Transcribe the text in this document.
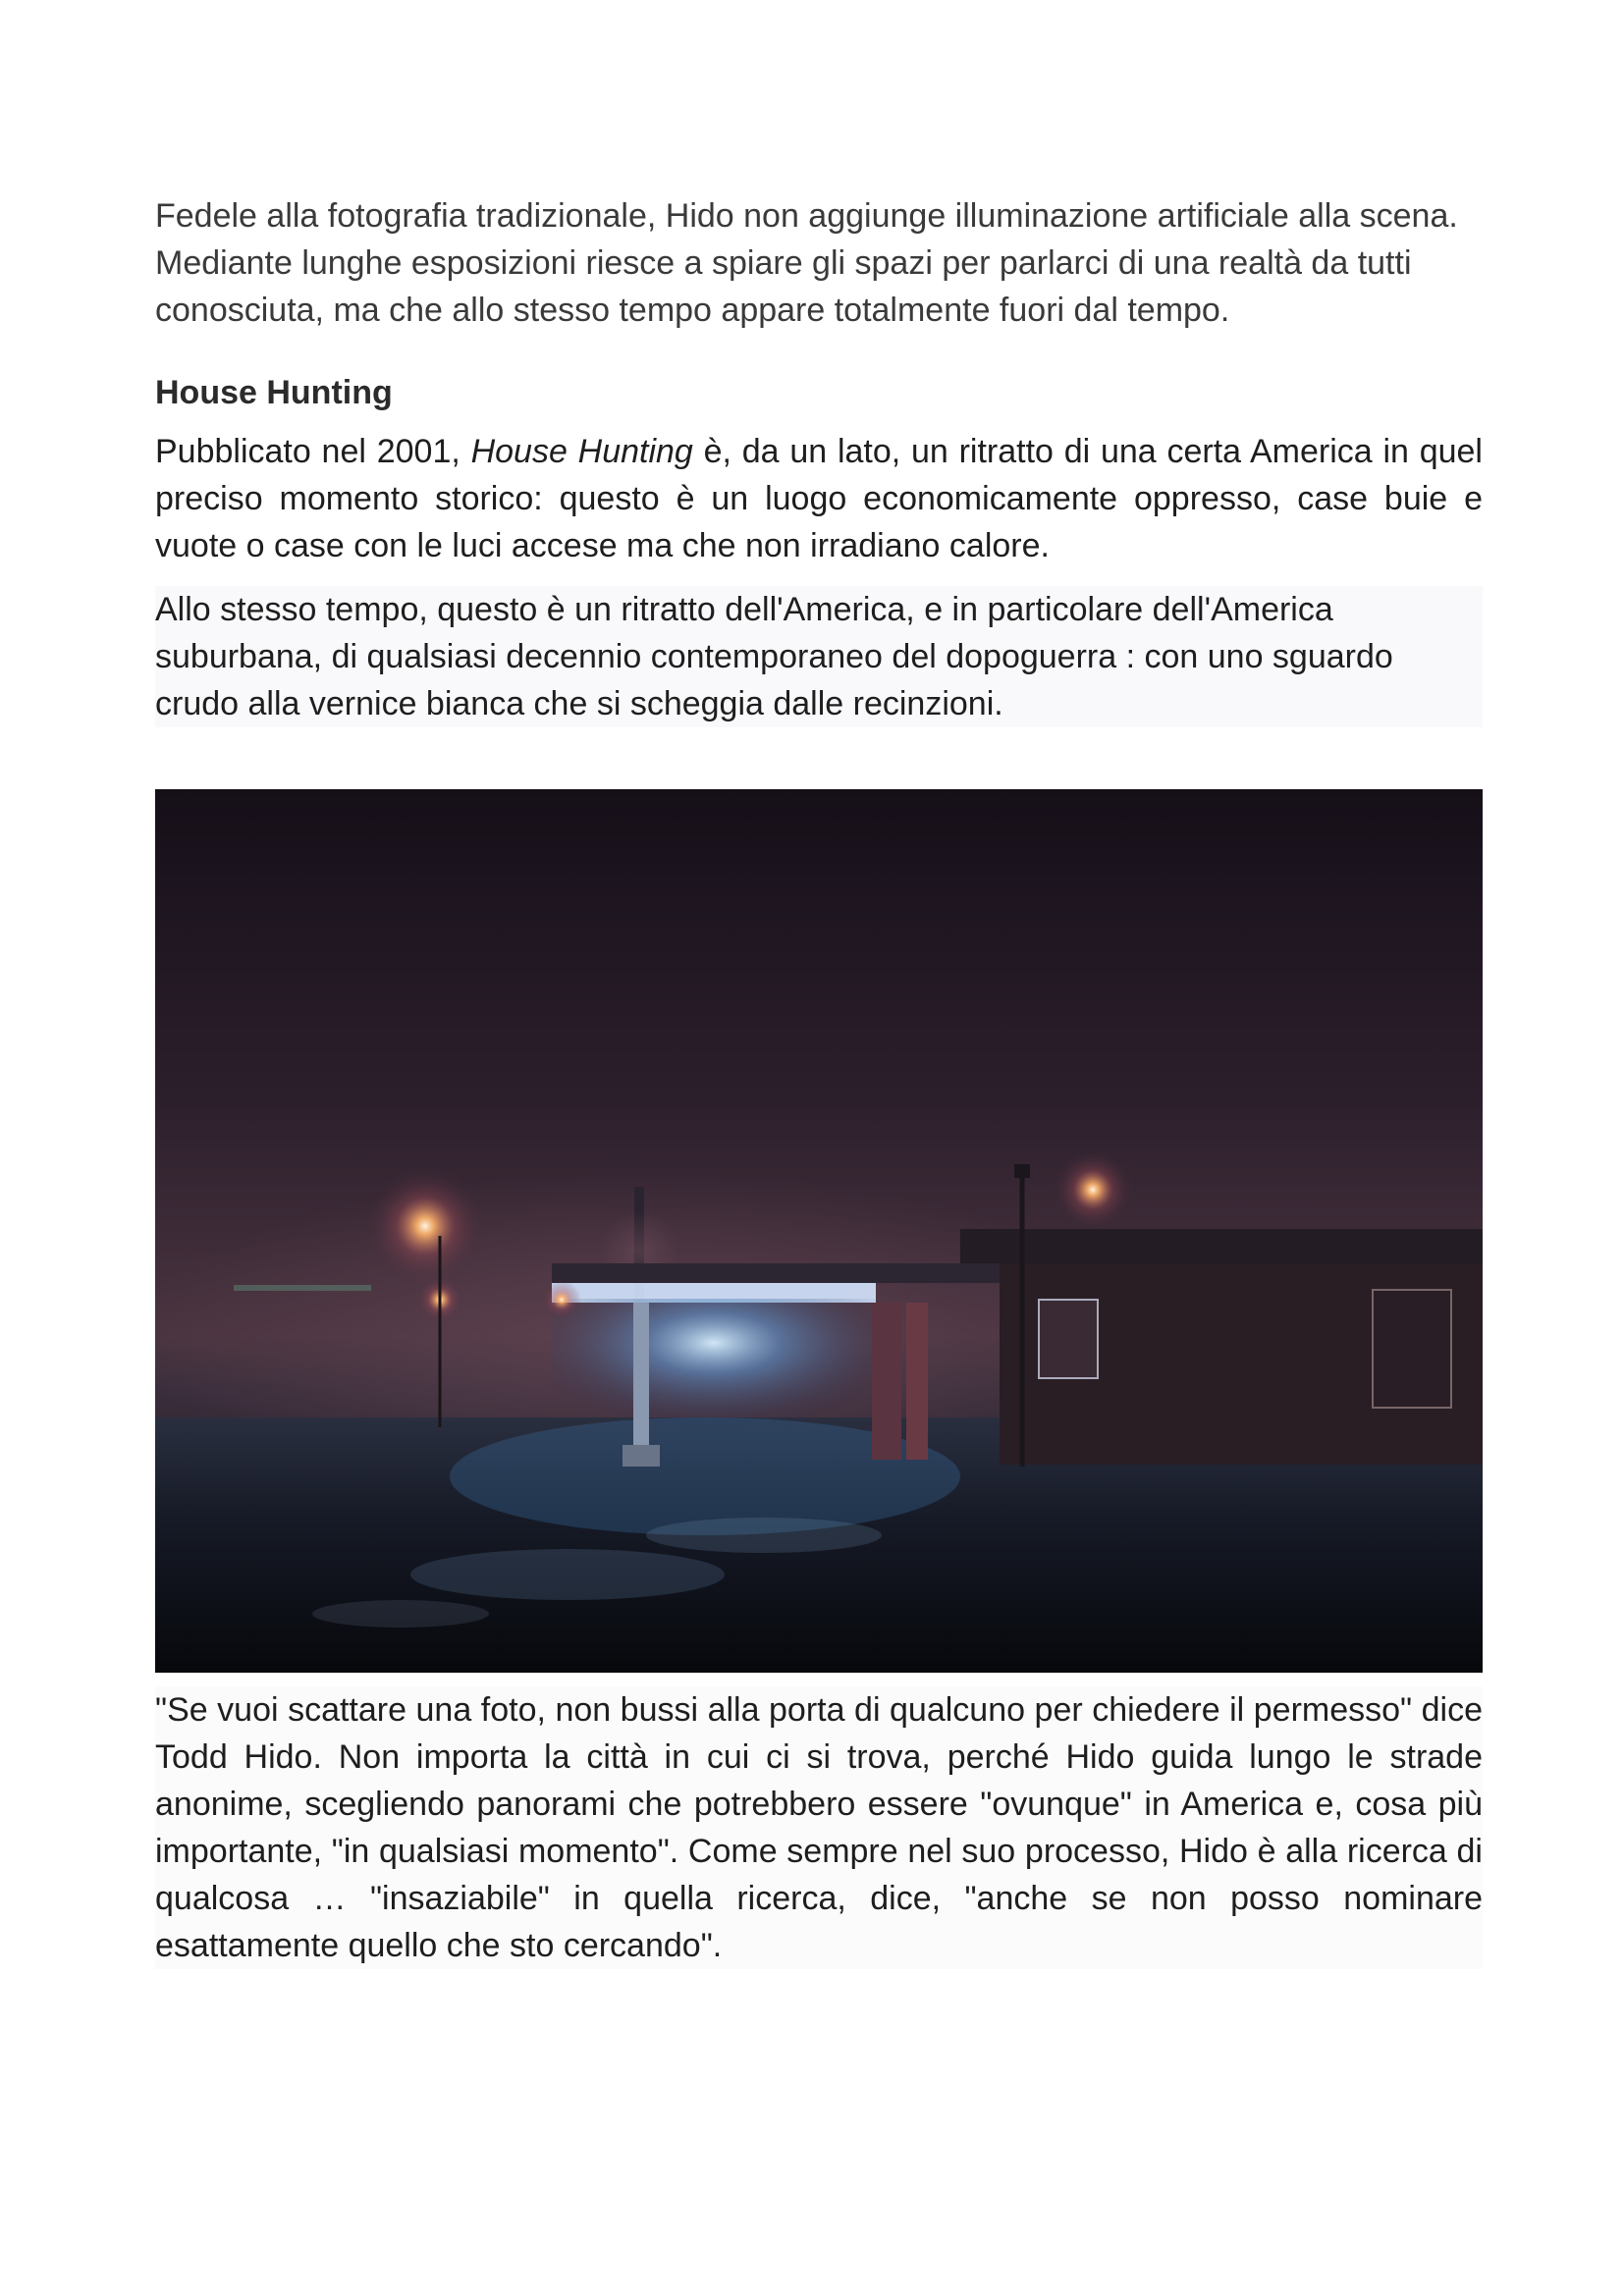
Fedele alla fotografia tradizionale, Hido non aggiunge illuminazione artificiale alla scena. Mediante lunghe esposizioni riesce a spiare gli spazi per parlarci di una realtà da tutti conosciuta, ma che allo stesso tempo appare totalmente fuori dal tempo.
House Hunting
Pubblicato nel 2001, House Hunting è, da un lato, un ritratto di una certa America in quel preciso momento storico: questo è un luogo economicamente oppresso, case buie e vuote o case con le luci accese ma che non irradiano calore.
Allo stesso tempo, questo è un ritratto dell'America, e in particolare dell'America suburbana, di qualsiasi decennio contemporaneo del dopoguerra : con uno sguardo crudo alla vernice bianca che si scheggia dalle recinzioni.
"Se vuoi scattare una foto, non bussi alla porta di qualcuno per chiedere il permesso" dice Todd Hido. Non importa la città in cui ci si trova, perché Hido guida lungo le strade anonime, scegliendo panorami che potrebbero essere "ovunque" in America e, cosa più importante, "in qualsiasi momento". Come sempre nel suo processo, Hido è alla ricerca di qualcosa … "insaziabile" in quella ricerca, dice, "anche se non posso nominare esattamente quello che sto cercando".
